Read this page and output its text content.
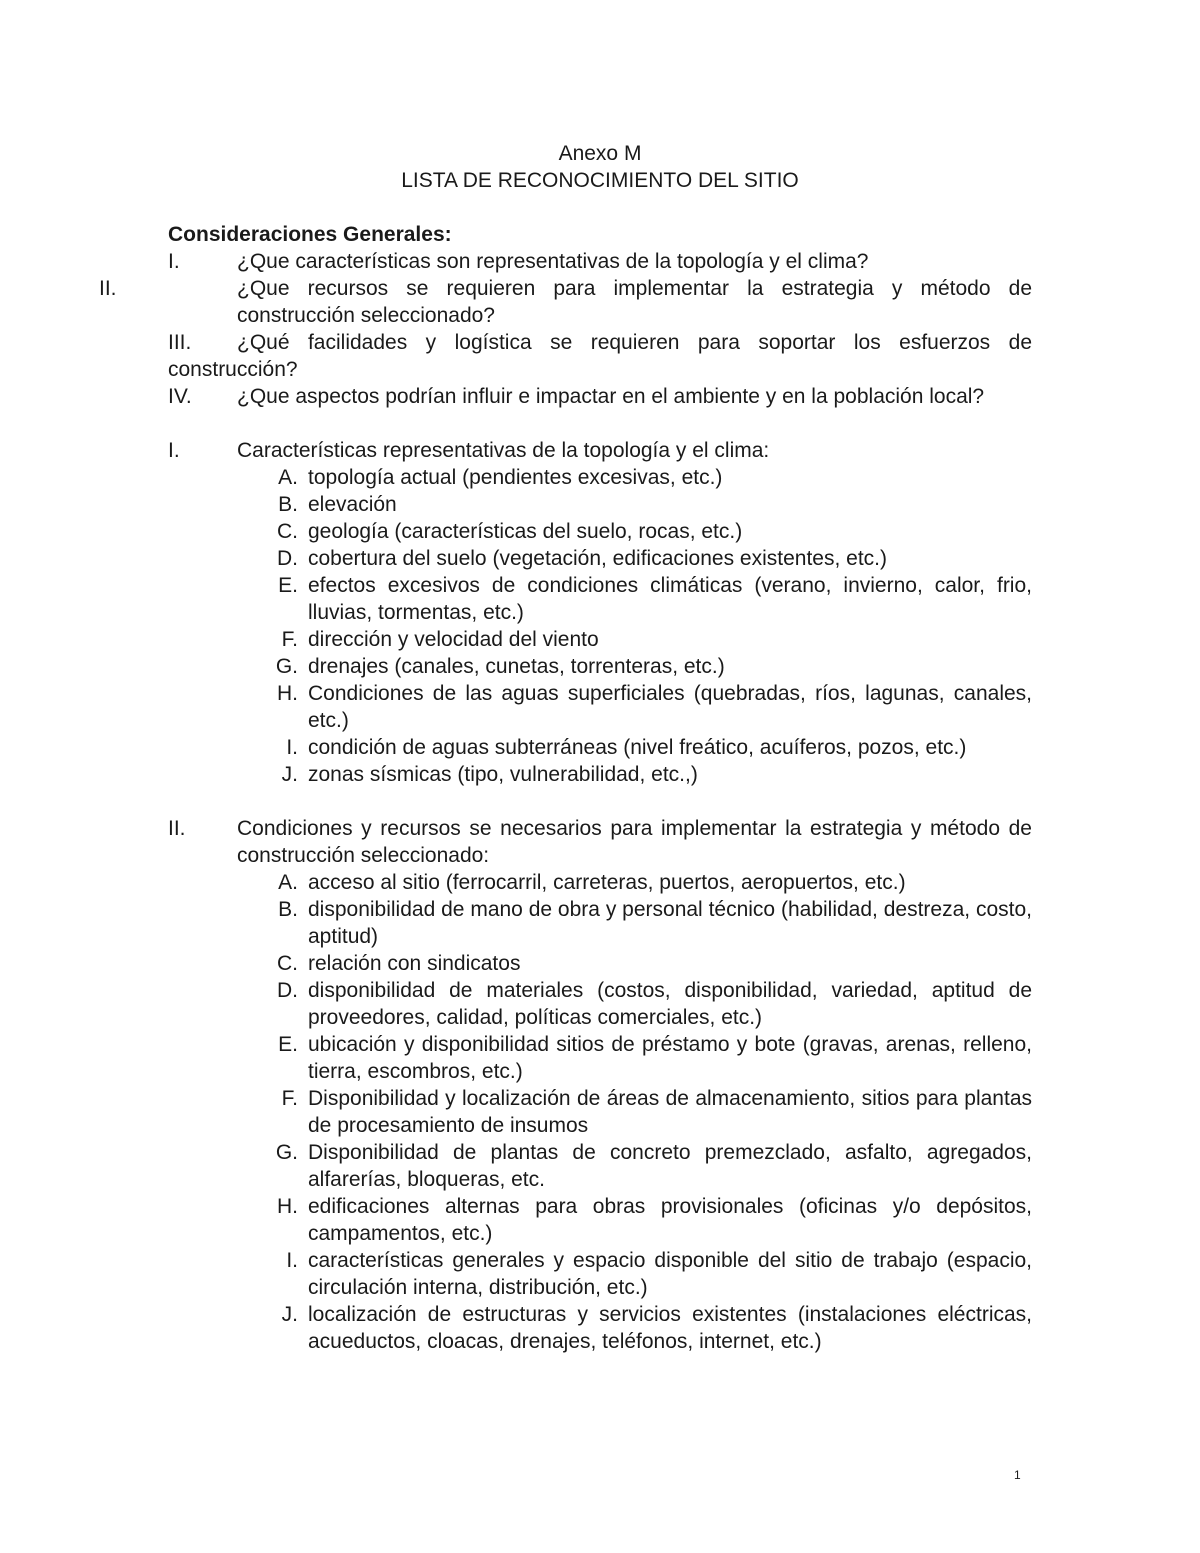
Anexo M
LISTA DE RECONOCIMIENTO DEL SITIO

Consideraciones Generales:

I.	¿Que características son representativas de la topología y el clima?
II.	¿Que recursos se requieren para implementar la estrategia y método de construcción seleccionado?
III. ¿Qué facilidades y logística se requieren para soportar los esfuerzos de construcción?
IV. ¿Que aspectos podrían influir e impactar en el ambiente y en la población local?
I.	Características representativas de la topología y el clima:
A. topología actual (pendientes excesivas, etc.)
B. elevación
C. geología (características del suelo, rocas, etc.)
D. cobertura del suelo (vegetación, edificaciones existentes, etc.)
E. efectos excesivos de condiciones climáticas (verano, invierno, calor, frio, lluvias, tormentas, etc.)
F. dirección y velocidad del viento
G. drenajes (canales, cunetas, torrenteras, etc.)
H. Condiciones de las aguas superficiales (quebradas, ríos, lagunas, canales, etc.)
I. condición de aguas subterráneas (nivel freático, acuíferos, pozos, etc.)
J. zonas sísmicas (tipo, vulnerabilidad, etc.,)
II.	Condiciones y recursos se necesarios para implementar la estrategia y método de construcción seleccionado:
A. acceso al sitio (ferrocarril, carreteras, puertos, aeropuertos, etc.)
B. disponibilidad de mano de obra y personal técnico (habilidad, destreza, costo, aptitud)
C. relación con sindicatos
D. disponibilidad de materiales (costos, disponibilidad, variedad, aptitud de proveedores, calidad, políticas comerciales, etc.)
E. ubicación y disponibilidad sitios de préstamo y bote (gravas, arenas, relleno, tierra, escombros, etc.)
F. Disponibilidad y localización de áreas de almacenamiento, sitios para plantas de procesamiento de insumos
G. Disponibilidad de plantas de concreto premezclado, asfalto, agregados, alfarerías, bloqueras, etc.
H. edificaciones alternas para obras provisionales (oficinas y/o depósitos, campamentos, etc.)
I. características generales y espacio disponible del sitio de trabajo (espacio, circulación interna, distribución, etc.)
J. localización de estructuras y servicios existentes (instalaciones eléctricas, acueductos, cloacas, drenajes, teléfonos, internet, etc.)
1
